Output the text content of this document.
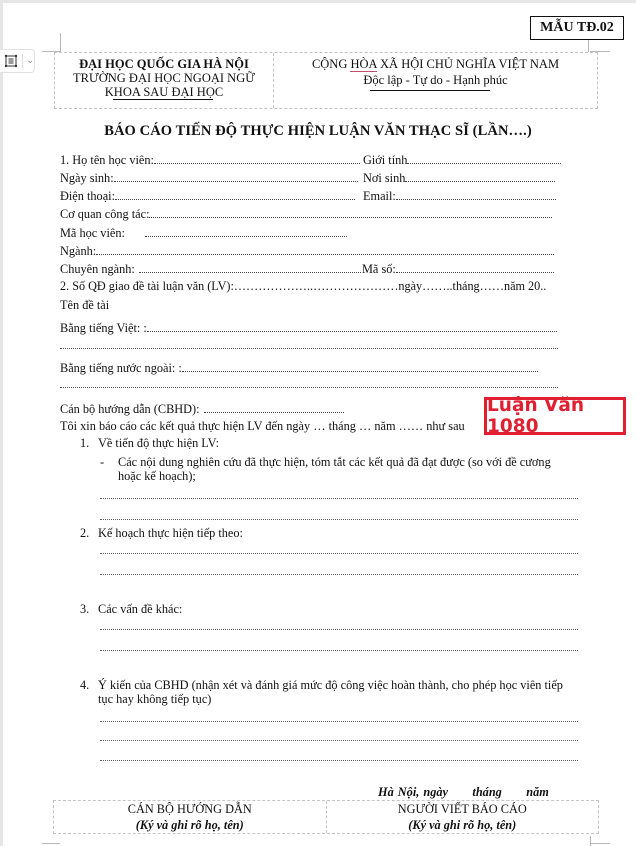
⌄
MẪU TĐ.02
ĐẠI HỌC QUỐC GIA HÀ NỘI
TRƯỜNG ĐẠI HỌC NGOẠI NGỮ
KHOA SAU ĐẠI HỌC
CỘNG HÒA XÃ HỘI CHỦ NGHĨA VIỆT NAM
Độc lập - Tự do - Hạnh phúc
BÁO CÁO TIẾN ĐỘ THỰC HIỆN LUẬN VĂN THẠC SĨ (LẦN….)
1. Họ tên học viên:	Giới tính
Ngày sinh:	Nơi sinh
Điện thoại:	Email:
Cơ quan công tác:
Mã học viên:
Ngành:
Chuyên ngành:	Mã số:
2. Số QĐ giao đề tài luận văn (LV):………………..…………………ngày……..tháng……năm 20..
Tên đề tài
Bằng tiếng Việt: :
Bằng tiếng nước ngoài: :
Cán bộ hướng dẫn (CBHD):
Tôi xin báo cáo các kết quả thực hiện LV đến ngày … tháng … năm …… như sau
1. Về tiến độ thực hiện LV:
- Các nội dung nghiên cứu đã thực hiện, tóm tắt các kết quả đã đạt được (so với đề cương
hoặc kế hoạch);
2. Kế hoạch thực hiện tiếp theo:
3. Các vấn đề khác:
4. Ý kiến của CBHD (nhận xét và đánh giá mức độ công việc hoàn thành, cho phép học viên tiếp
tục hay không tiếp tục)
Luận Văn 1080
Hà Nội, ngày      tháng      năm
CÁN BỘ HƯỚNG DẪN
(Ký và ghi rõ họ, tên)
NGƯỜI VIẾT BÁO CÁO
(Ký và ghi rõ họ, tên)
